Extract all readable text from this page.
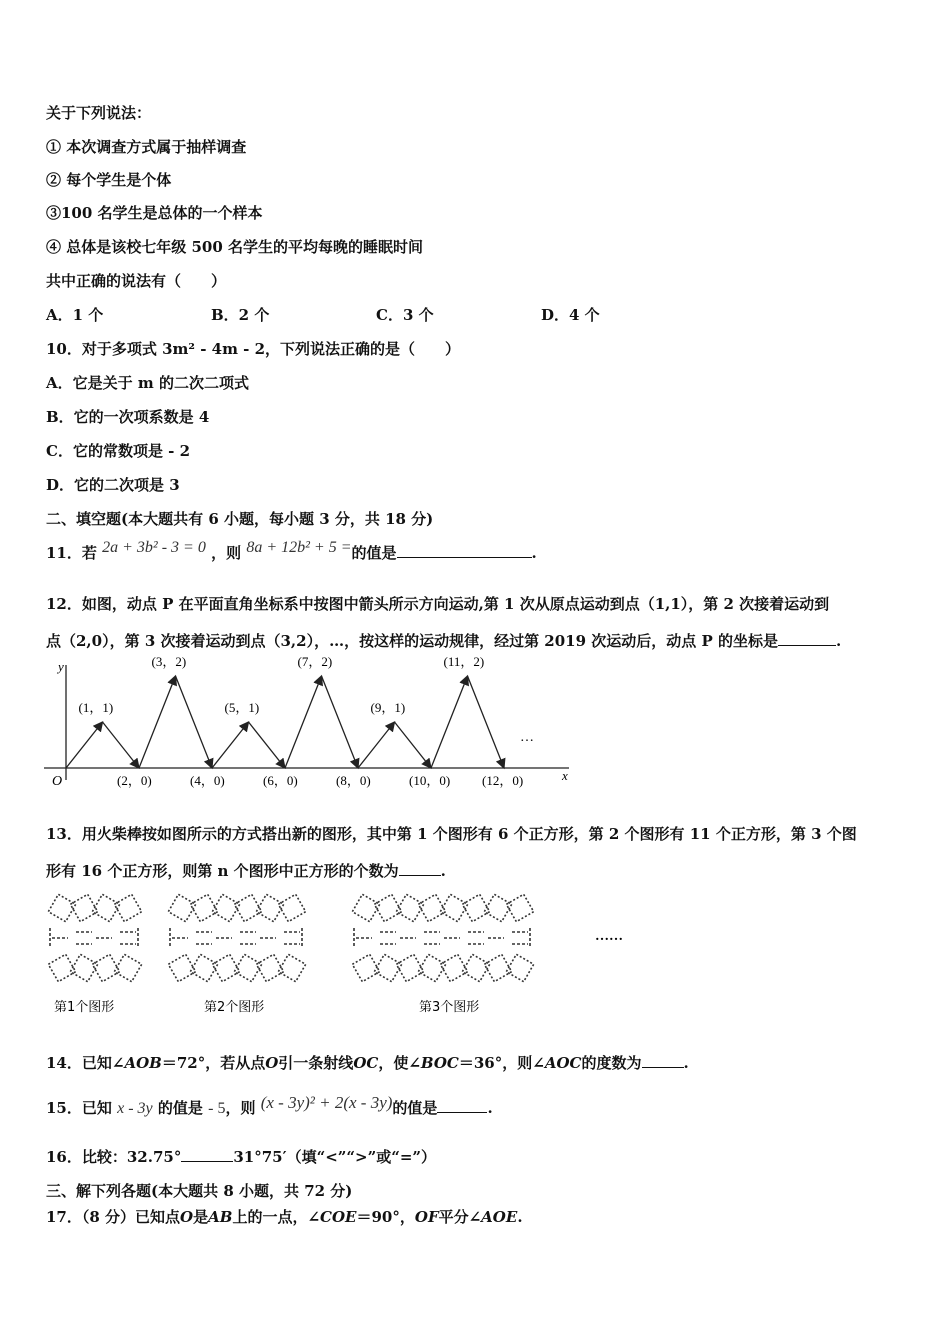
关于下列说法：
① 本次调查方式属于抽样调查
② 每个学生是个体
③100 名学生是总体的一个样本
④ 总体是该校七年级 500 名学生的平均每晚的睡眠时间
共中正确的说法有（　　）
A．1 个	B．2 个	C．3 个	D．4 个
10．对于多项式 3m² - 4m - 2，下列说法正确的是（　　）
A．它是关于 m 的二次二项式
B．它的一次项系数是 4
C．它的常数项是 - 2
D．它的二次项是 3
二、填空题(本大题共有 6 小题，每小题 3 分，共 18 分)
11．若 2a + 3b² - 3 = 0 ，则 8a + 12b² + 5 =的值是	.
12．如图，动点 P 在平面直角坐标系中按图中箭头所示方向运动,第 1 次从原点运动到点（1,1），第 2 次接着运动到
点（2,0），第 3 次接着运动到点（3,2），…，按这样的运动规律，经过第 2019 次运动后，动点 P 的坐标是	.
y
x
O
(1，1)
(3，2)
(5，1)
(7，2)
(9，1)
(11，2)
(2，0)	(4，0)	(6，0)	(8，0)	(10，0) (12，0)
…
13．用火柴棒按如图所示的方式搭出新的图形，其中第 1 个图形有 6 个正方形，第 2 个图形有 11 个正方形，第 3 个图
形有 16 个正方形，则第 n 个图形中正方形的个数为	.
第1个图形	第2个图形	第3个图形
……
14．已知∠AOB＝72°，若从点O引一条射线OC，使∠BOC＝36°，则∠AOC的度数为	.
15．已知 x - 3y 的值是 - 5，则 (x - 3y)² + 2(x - 3y)的值是	.
16．比较：32.75°	31°75′（填“<”“>”或“=”）
三、解下列各题(本大题共 8 小题，共 72 分)
17．（8 分）已知点O是AB上的一点，∠COE＝90°，OF平分∠AOE.
